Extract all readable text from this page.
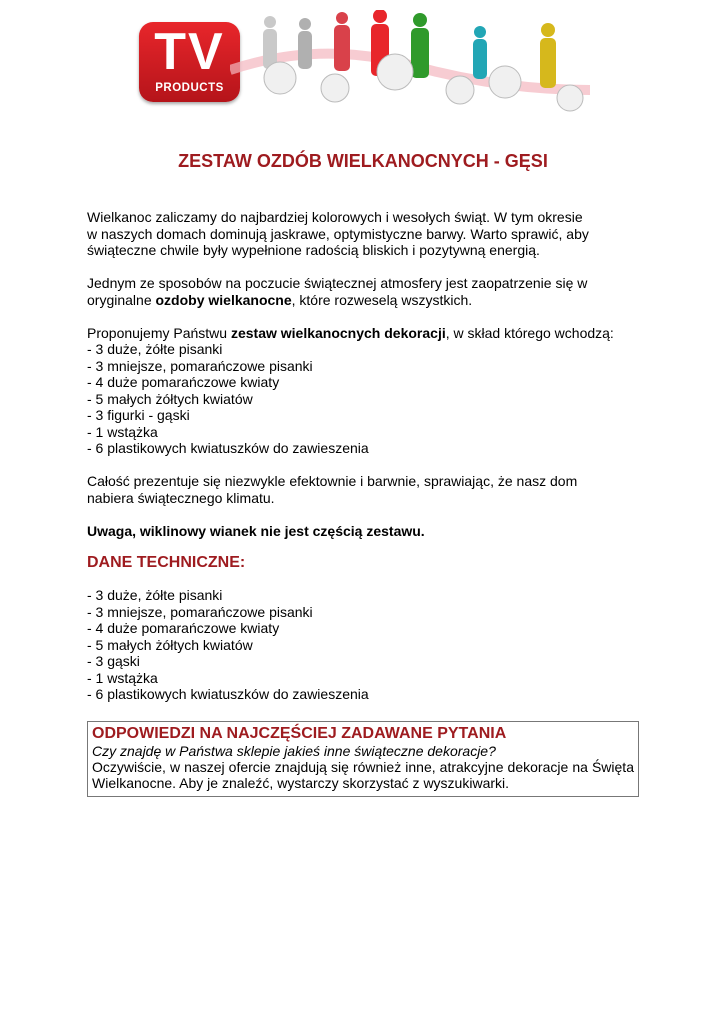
TV
PRODUCTS
ZESTAW OZDÓB WIELKANOCNYCH - GĘSI

Wielkanoc zaliczamy do najbardziej kolorowych i wesołych świąt. W tym okresie
w naszych domach dominują jaskrawe, optymistyczne barwy. Warto sprawić, aby
świąteczne chwile były wypełnione radością bliskich i pozytywną energią.

Jednym ze sposobów na poczucie świątecznej atmosfery jest zaopatrzenie się w
oryginalne ozdoby wielkanocne, które rozweselą wszystkich.

Proponujemy Państwu zestaw wielkanocnych dekoracji, w skład którego wchodzą:

- 3 duże, żółte pisanki
- 3 mniejsze, pomarańczowe pisanki
- 4 duże pomarańczowe kwiaty
- 5 małych żółtych kwiatów
- 3 figurki - gąski
- 1 wstążka
- 6 plastikowych kwiatuszków do zawieszenia

Całość prezentuje się niezwykle efektownie i barwnie, sprawiając, że nasz dom
nabiera świątecznego klimatu.

Uwaga, wiklinowy wianek nie jest częścią zestawu.

DANE TECHNICZNE:
- 3 duże, żółte pisanki
- 3 mniejsze, pomarańczowe pisanki
- 4 duże pomarańczowe kwiaty
- 5 małych żółtych kwiatów
- 3 gąski
- 1 wstążka
- 6 plastikowych kwiatuszków do zawieszenia
ODPOWIEDZI NA NAJCZĘŚCIEJ ZADAWANE PYTANIA
Czy znajdę w Państwa sklepie jakieś inne świąteczne dekoracje?
Oczywiście, w naszej ofercie znajdują się również inne, atrakcyjne dekoracje na Święta Wielkanocne. Aby je znaleźć, wystarczy skorzystać z wyszukiwarki.
